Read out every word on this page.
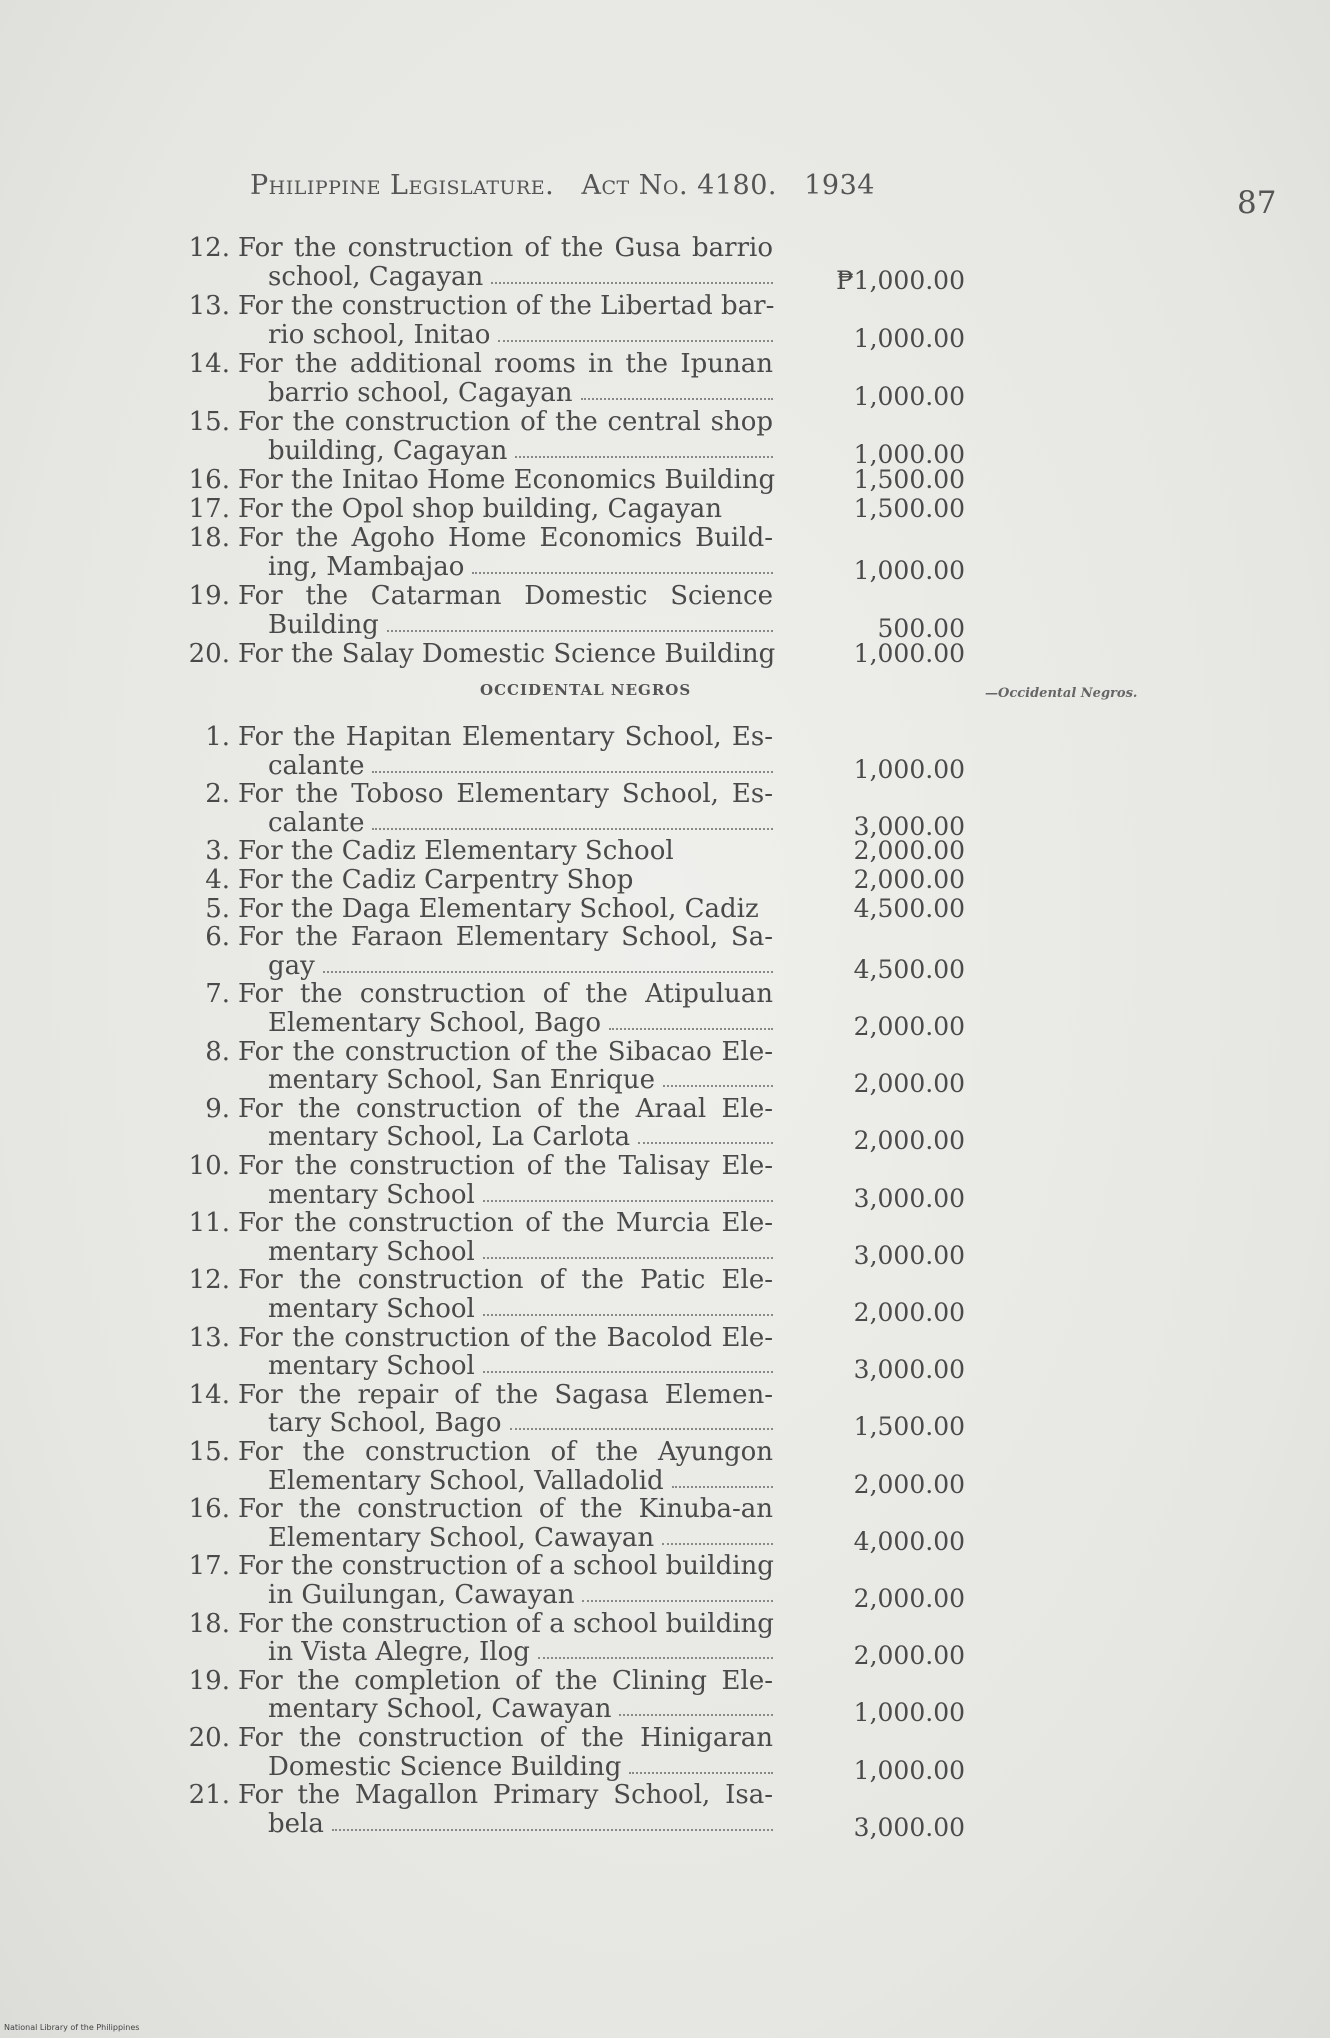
Philippine Legislature. Act No. 4180. 1934	87
12. For the construction of the Gusa barrio
school, Cagayan	₱1,000.00
13. For the construction of the Libertad bar-
rio school, Initao	1,000.00
14. For the additional rooms in the Ipunan
barrio school, Cagayan	1,000.00
15. For the construction of the central shop
building, Cagayan	1,000.00
16. For the Initao Home Economics Building	1,500.00
17. For the Opol shop building, Cagayan	1,500.00
18. For the Agoho Home Economics Build-
ing, Mambajao	1,000.00
19. For the Catarman Domestic Science
Building	500.00
20. For the Salay Domestic Science Building	1,000.00
OCCIDENTAL NEGROS	—Occidental Negros.
1. For the Hapitan Elementary School, Es-
calante	1,000.00
2. For the Toboso Elementary School, Es-
calante	3,000.00
3. For the Cadiz Elementary School	2,000.00
4. For the Cadiz Carpentry Shop	2,000.00
5. For the Daga Elementary School, Cadiz	4,500.00
6. For the Faraon Elementary School, Sa-
gay	4,500.00
7. For the construction of the Atipuluan
Elementary School, Bago	2,000.00
8. For the construction of the Sibacao Ele-
mentary School, San Enrique	2,000.00
9. For the construction of the Araal Ele-
mentary School, La Carlota	2,000.00
10. For the construction of the Talisay Ele-
mentary School	3,000.00
11. For the construction of the Murcia Ele-
mentary School	3,000.00
12. For the construction of the Patic Ele-
mentary School	2,000.00
13. For the construction of the Bacolod Ele-
mentary School	3,000.00
14. For the repair of the Sagasa Elemen-
tary School, Bago	1,500.00
15. For the construction of the Ayungon
Elementary School, Valladolid	2,000.00
16. For the construction of the Kinuba-an
Elementary School, Cawayan	4,000.00
17. For the construction of a school building
in Guilungan, Cawayan	2,000.00
18. For the construction of a school building
in Vista Alegre, Ilog	2,000.00
19. For the completion of the Clining Ele-
mentary School, Cawayan	1,000.00
20. For the construction of the Hinigaran
Domestic Science Building	1,000.00
21. For the Magallon Primary School, Isa-
bela	3,000.00
National Library of the Philippines
